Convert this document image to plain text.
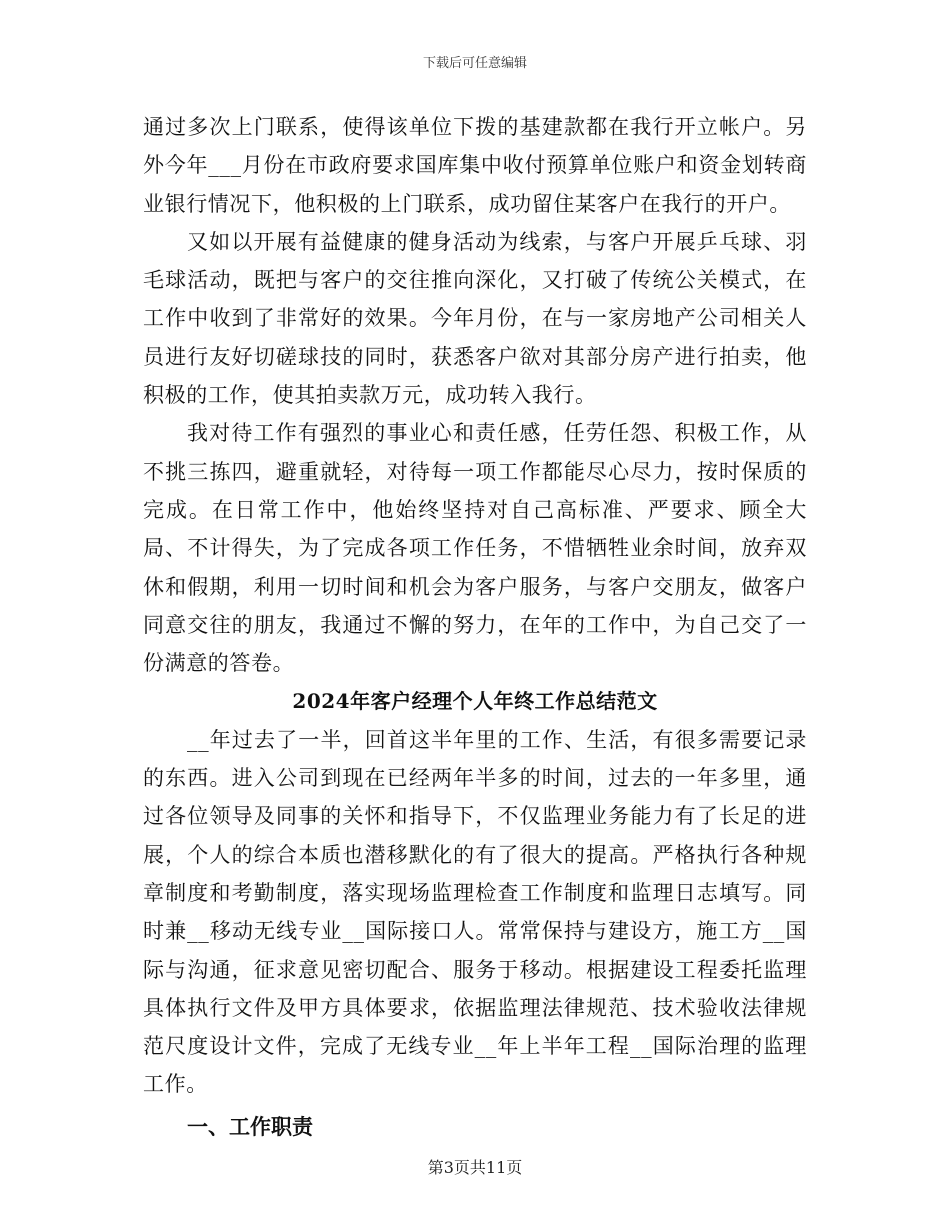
下载后可任意编辑

通过多次上门联系，使得该单位下拨的基建款都在我行开立帐户。另外今年___月份在市政府要求国库集中收付预算单位账户和资金划转商业银行情况下，他积极的上门联系，成功留住某客户在我行的开户。

又如以开展有益健康的健身活动为线索，与客户开展乒乓球、羽毛球活动，既把与客户的交往推向深化，又打破了传统公关模式，在工作中收到了非常好的效果。今年月份，在与一家房地产公司相关人员进行友好切磋球技的同时，获悉客户欲对其部分房产进行拍卖，他积极的工作，使其拍卖款万元，成功转入我行。

我对待工作有强烈的事业心和责任感，任劳任怨、积极工作，从不挑三拣四，避重就轻，对待每一项工作都能尽心尽力，按时保质的完成。在日常工作中，他始终坚持对自己高标准、严要求、顾全大局、不计得失，为了完成各项工作任务，不惜牺牲业余时间，放弃双休和假期，利用一切时间和机会为客户服务，与客户交朋友，做客户同意交往的朋友，我通过不懈的努力，在年的工作中，为自己交了一份满意的答卷。

2024年客户经理个人年终工作总结范文

__年过去了一半，回首这半年里的工作、生活，有很多需要记录的东西。进入公司到现在已经两年半多的时间，过去的一年多里，通过各位领导及同事的关怀和指导下，不仅监理业务能力有了长足的进展，个人的综合本质也潜移默化的有了很大的提高。严格执行各种规章制度和考勤制度，落实现场监理检查工作制度和监理日志填写。同时兼__移动无线专业__国际接口人。常常保持与建设方，施工方__国际与沟通，征求意见密切配合、服务于移动。根据建设工程委托监理具体执行文件及甲方具体要求，依据监理法律规范、技术验收法律规范尺度设计文件，完成了无线专业__年上半年工程__国际治理的监理工作。

一、工作职责

第3页共11页
